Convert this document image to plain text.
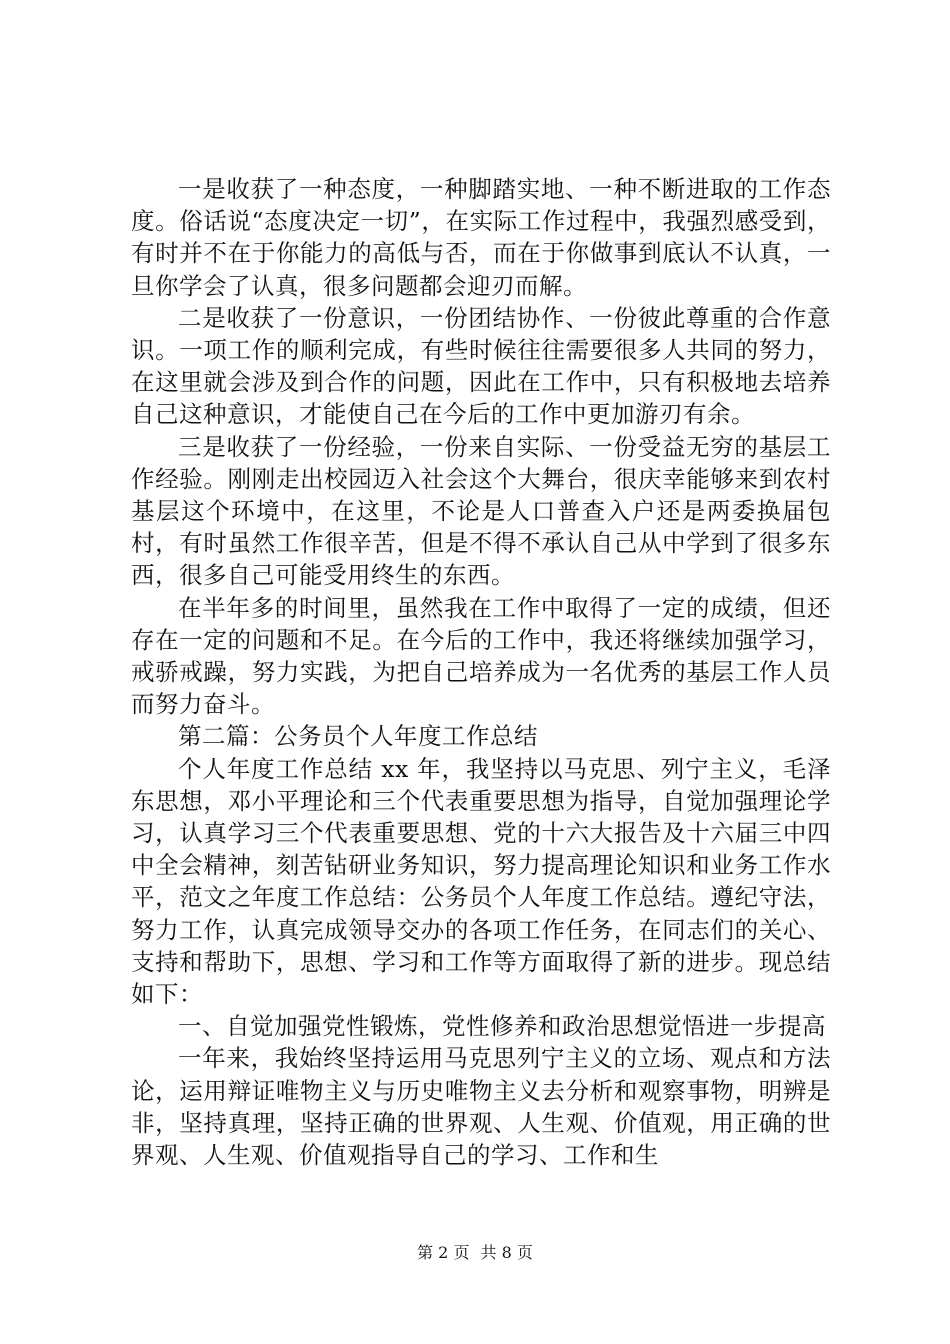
一是收获了一种态度，一种脚踏实地、一种不断进取的工作态度。俗话说“态度决定一切”，在实际工作过程中，我强烈感受到，有时并不在于你能力的高低与否，而在于你做事到底认不认真，一旦你学会了认真，很多问题都会迎刃而解。

二是收获了一份意识，一份团结协作、一份彼此尊重的合作意识。一项工作的顺利完成，有些时候往往需要很多人共同的努力，在这里就会涉及到合作的问题，因此在工作中，只有积极地去培养自己这种意识，才能使自己在今后的工作中更加游刃有余。

三是收获了一份经验，一份来自实际、一份受益无穷的基层工作经验。刚刚走出校园迈入社会这个大舞台，很庆幸能够来到农村基层这个环境中，在这里，不论是人口普查入户还是两委换届包村，有时虽然工作很辛苦，但是不得不承认自己从中学到了很多东西，很多自己可能受用终生的东西。

在半年多的时间里，虽然我在工作中取得了一定的成绩，但还存在一定的问题和不足。在今后的工作中，我还将继续加强学习，戒骄戒躁，努力实践，为把自己培养成为一名优秀的基层工作人员而努力奋斗。

第二篇：公务员个人年度工作总结

个人年度工作总结 xx 年，我坚持以马克思、列宁主义，毛泽东思想，邓小平理论和三个代表重要思想为指导，自觉加强理论学习，认真学习三个代表重要思想、党的十六大报告及十六届三中四中全会精神，刻苦钻研业务知识，努力提高理论知识和业务工作水平，范文之年度工作总结：公务员个人年度工作总结。遵纪守法，努力工作，认真完成领导交办的各项工作任务，在同志们的关心、支持和帮助下，思想、学习和工作等方面取得了新的进步。现总结如下：

一、自觉加强党性锻炼，党性修养和政治思想觉悟进一步提高

一年来，我始终坚持运用马克思列宁主义的立场、观点和方法论，运用辩证唯物主义与历史唯物主义去分析和观察事物，明辨是非，坚持真理，坚持正确的世界观、人生观、价值观，用正确的世界观、人生观、价值观指导自己的学习、工作和生

第 2 页 共 8 页
